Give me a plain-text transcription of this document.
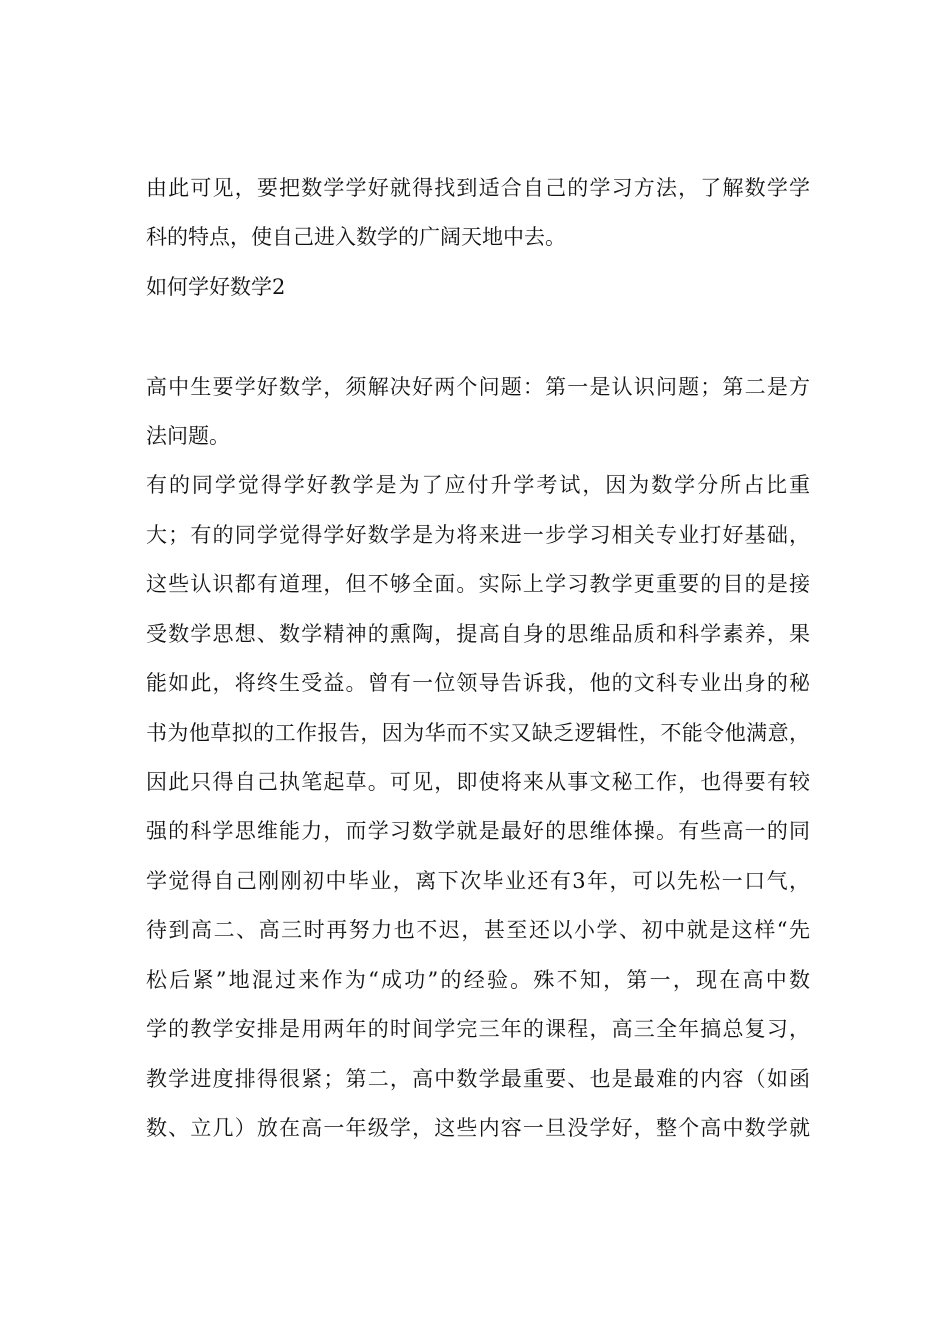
由此可见，要把数学学好就得找到适合自己的学习方法，了解数学学
科的特点，使自己进入数学的广阔天地中去。
如何学好数学2
高中生要学好数学，须解决好两个问题：第一是认识问题；第二是方
法问题。
有的同学觉得学好教学是为了应付升学考试，因为数学分所占比重
大；有的同学觉得学好数学是为将来进一步学习相关专业打好基础，
这些认识都有道理，但不够全面。实际上学习教学更重要的目的是接
受数学思想、数学精神的熏陶，提高自身的思维品质和科学素养，果
能如此，将终生受益。曾有一位领导告诉我，他的文科专业出身的秘
书为他草拟的工作报告，因为华而不实又缺乏逻辑性，不能令他满意，
因此只得自己执笔起草。可见，即使将来从事文秘工作，也得要有较
强的科学思维能力，而学习数学就是最好的思维体操。有些高一的同
学觉得自己刚刚初中毕业，离下次毕业还有3年，可以先松一口气，
待到高二、高三时再努力也不迟，甚至还以小学、初中就是这样“先
松后紧”地混过来作为“成功”的经验。殊不知，第一，现在高中数
学的教学安排是用两年的时间学完三年的课程，高三全年搞总复习，
教学进度排得很紧；第二，高中数学最重要、也是最难的内容（如函
数、立几）放在高一年级学，这些内容一旦没学好，整个高中数学就
